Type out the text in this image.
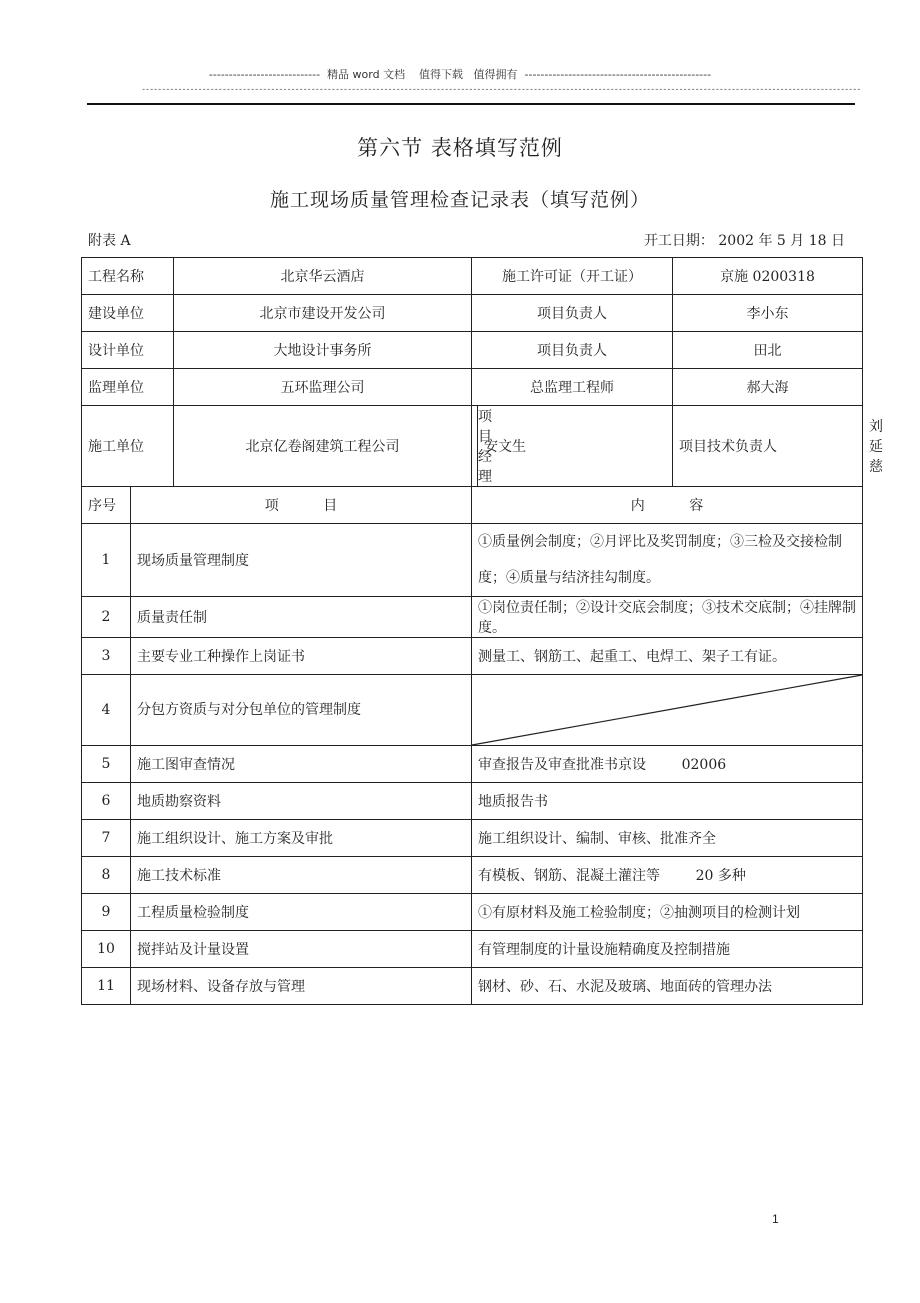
----------------------------  精品 word 文档    值得下载   值得拥有  -----------------------------------------------
----------------------------------------------------------------------------------------------------------------------------------------------------------------------------------
第六节 表格填写范例
施工现场质量管理检查记录表（填写范例）
附表 A	开工日期： 2002 年 5 月 18 日
工程名称		北京华云酒店	施工许可证（开工证）		京施 0200318	
建设单位		北京市建设开发公司	项目负责人		李小东	
设计单位		大地设计事务所	项目负责人		田北	
监理单位		五环监理公司	总监理工程师		郝大海	
施工单位		北京亿卷阁建筑工程公司	项目经理	安文生	项目技术负责人	刘延慈
序号	项          目		内          容			
1	现场质量管理制度		①质量例会制度；②月评比及奖罚制度；③三检及交接检制度；④质量与结济挂勾制度。			
2	质量责任制		①岗位责任制；②设计交底会制度；③技术交底制；④挂牌制度。			
3	主要专业工种操作上岗证书		测量工、钢筋工、起重工、电焊工、架子工有证。			
4	分包方资质与对分包单位的管理制度	

5	施工图审查情况		审查报告及审查批准书京设        02006			
6	地质勘察资料		地质报告书			
7	施工组织设计、施工方案及审批		施工组织设计、编制、审核、批准齐全			
8	施工技术标准		有模板、钢筋、混凝土灌注等        20 多种			
9	工程质量检验制度		①有原材料及施工检验制度；②抽测项目的检测计划			
10	搅拌站及计量设置		有管理制度的计量设施精确度及控制措施			
11	现场材料、设备存放与管理		钢材、砂、石、水泥及玻璃、地面砖的管理办法			
1
